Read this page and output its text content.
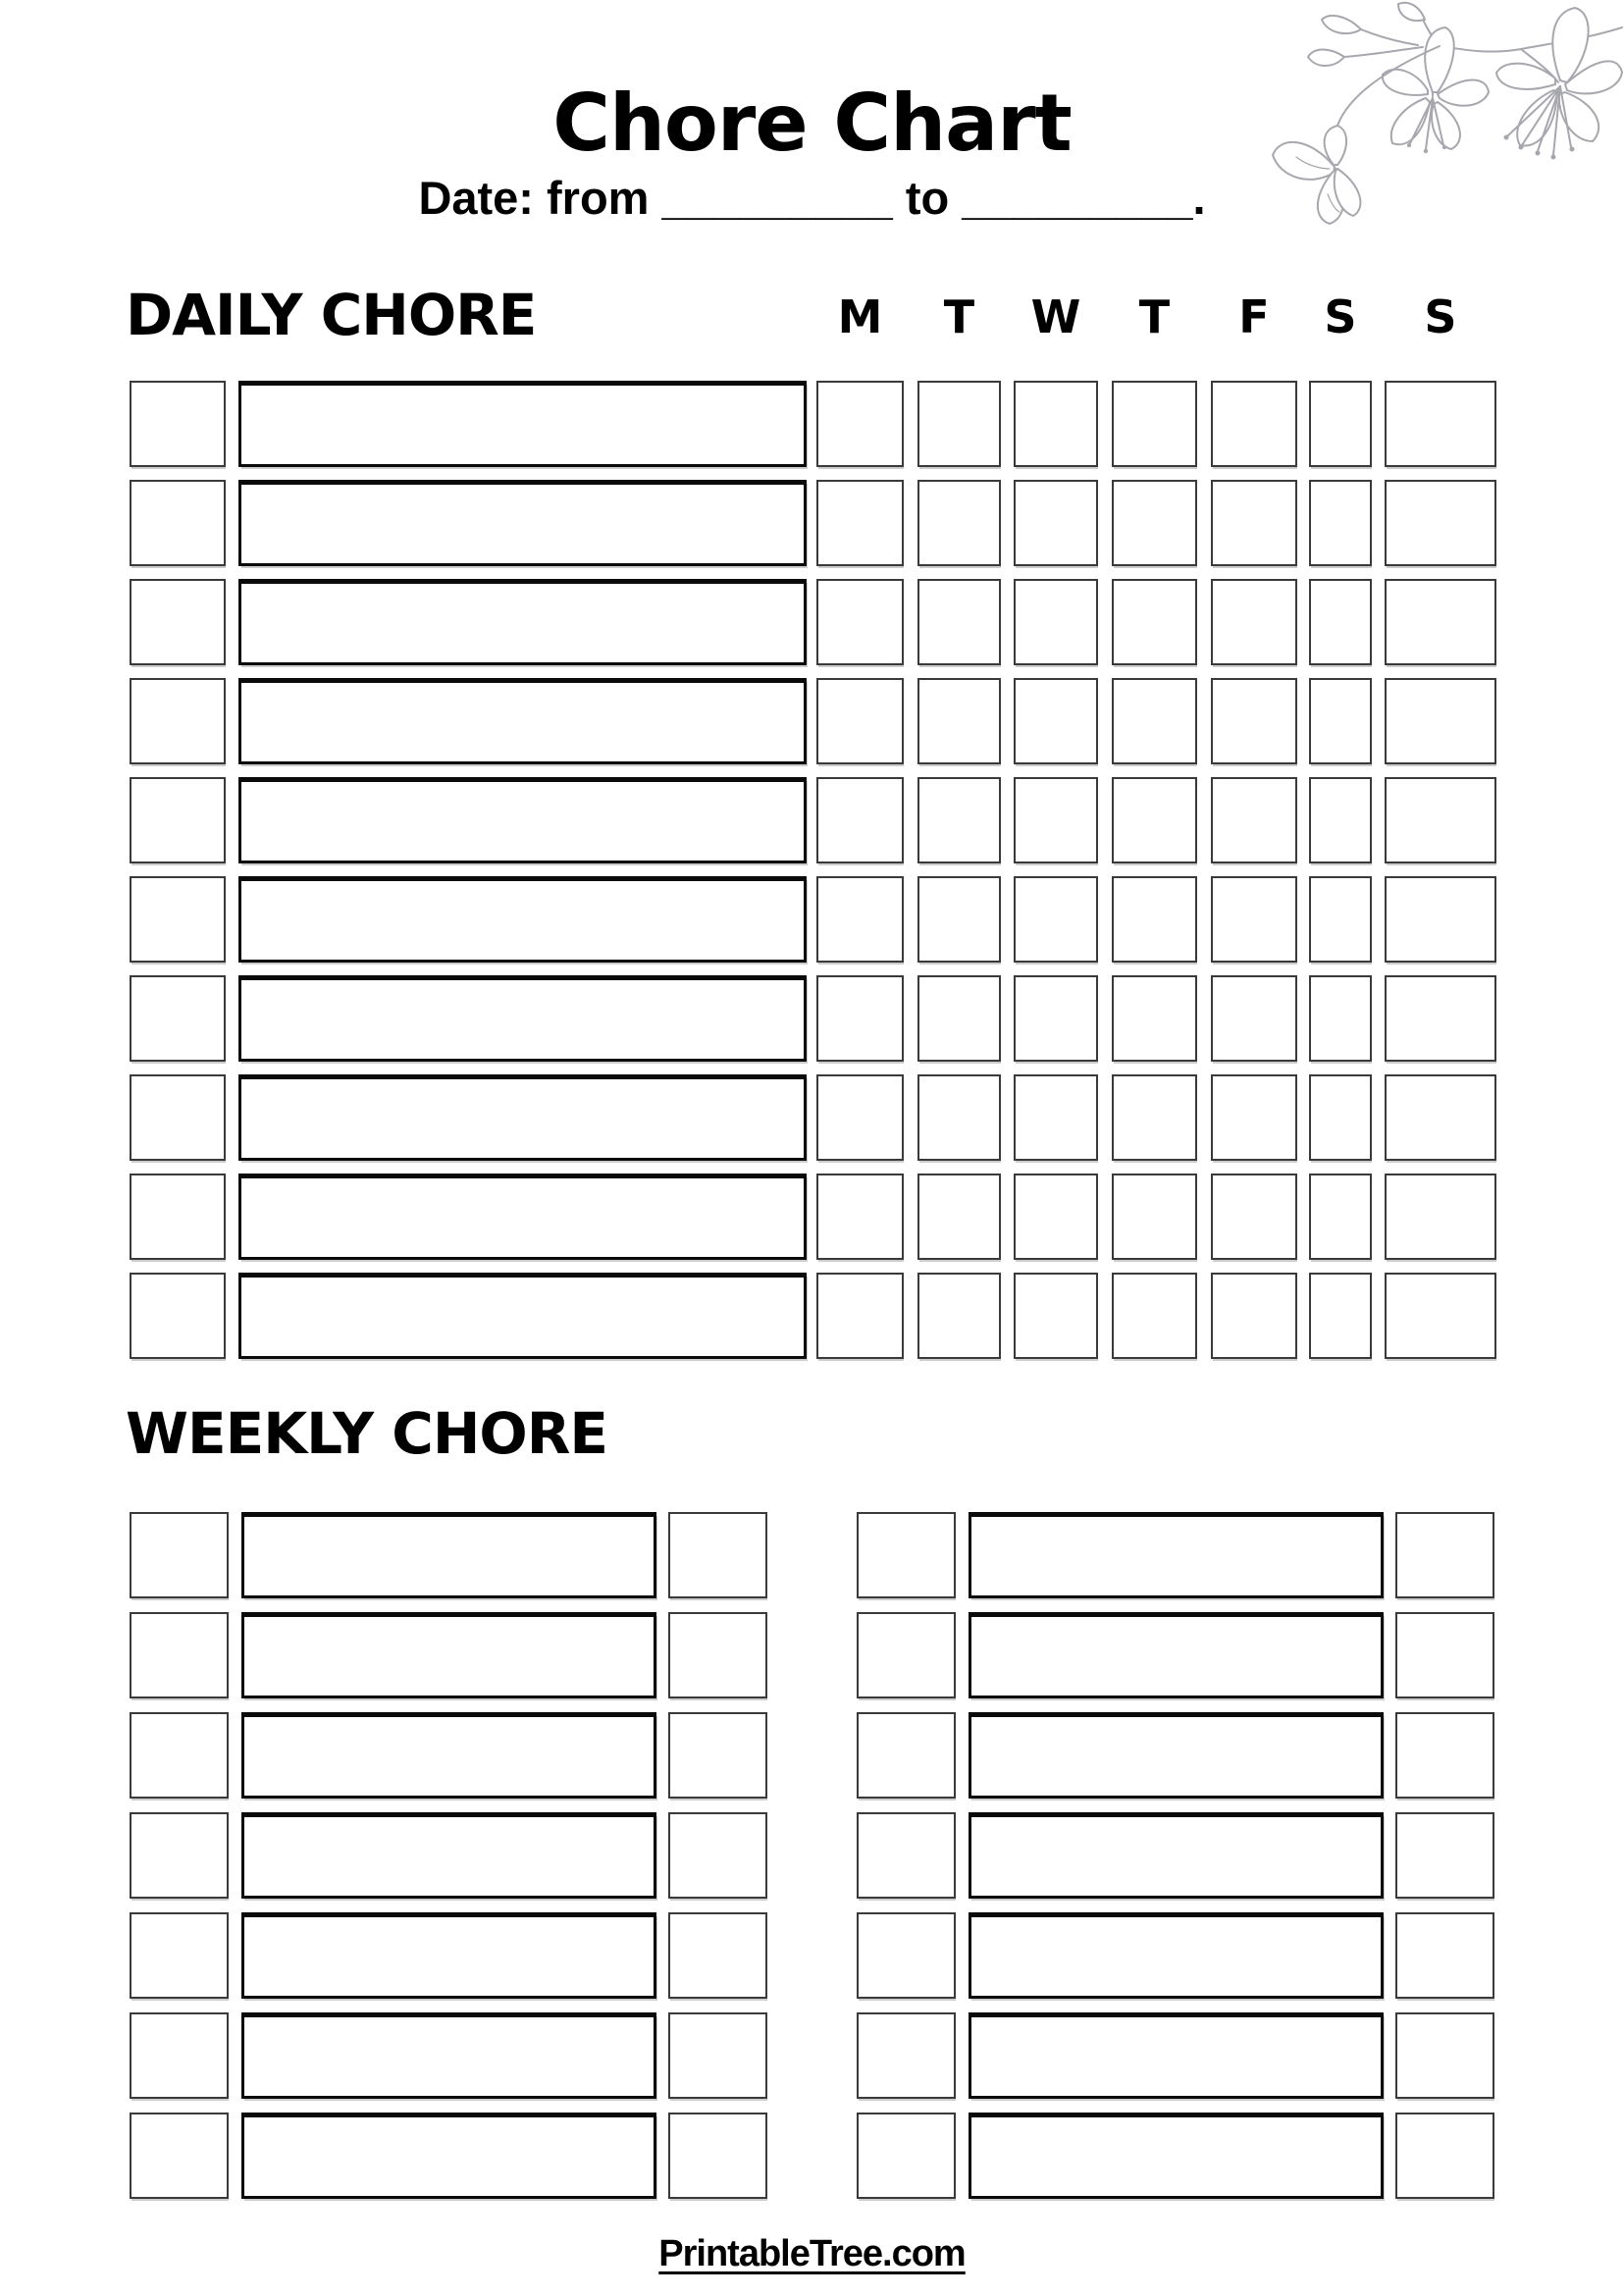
Chore Chart
Date: from _________ to _________.
DAILY CHORE	M T W T F S S
WEEKLY CHORE
PrintableTree.com
